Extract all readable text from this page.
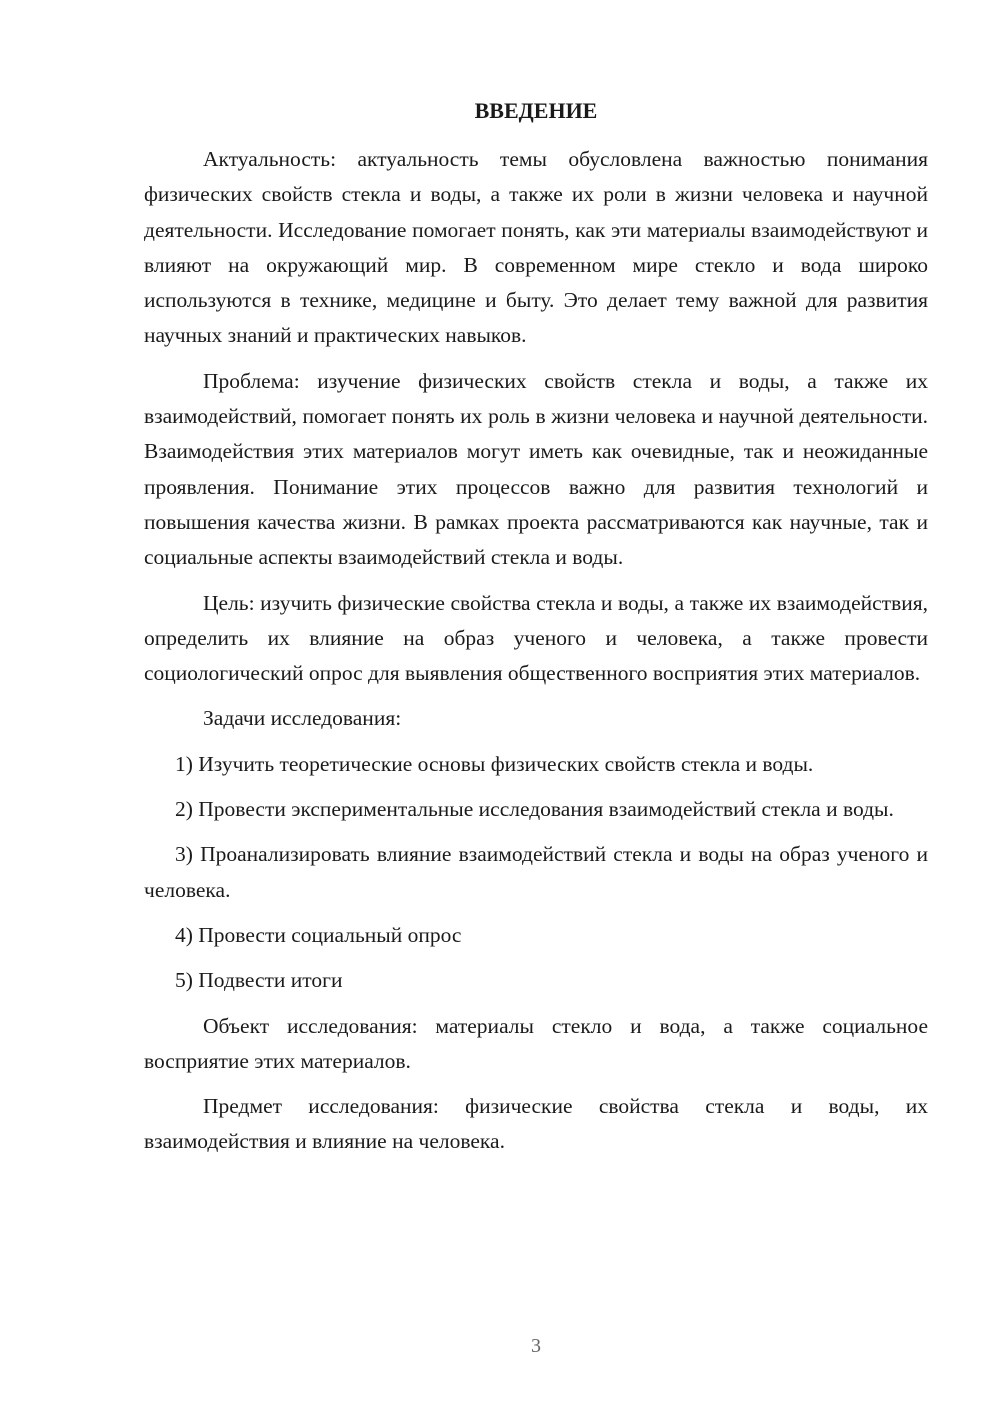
ВВЕДЕНИЕ

Актуальность: актуальность темы обусловлена важностью понимания физических свойств стекла и воды, а также их роли в жизни человека и научной деятельности. Исследование помогает понять, как эти материалы взаимодействуют и влияют на окружающий мир. В современном мире стекло и вода широко используются в технике, медицине и быту. Это делает тему важной для развития научных знаний и практических навыков.

Проблема: изучение физических свойств стекла и воды, а также их взаимодействий, помогает понять их роль в жизни человека и научной деятельности. Взаимодействия этих материалов могут иметь как очевидные, так и неожиданные проявления. Понимание этих процессов важно для развития технологий и повышения качества жизни. В рамках проекта рассматриваются как научные, так и социальные аспекты взаимодействий стекла и воды.

Цель: изучить физические свойства стекла и воды, а также их взаимодействия, определить их влияние на образ ученого и человека, а также провести социологический опрос для выявления общественного восприятия этих материалов.

Задачи исследования:

1) Изучить теоретические основы физических свойств стекла и воды.

2) Провести экспериментальные исследования взаимодействий стекла и воды.

3) Проанализировать влияние взаимодействий стекла и воды на образ ученого и человека.

4) Провести социальный опрос

5) Подвести итоги

Объект исследования: материалы стекло и вода, а также социальное восприятие этих материалов.

Предмет исследования: физические свойства стекла и воды, их взаимодействия и влияние на человека.

3
